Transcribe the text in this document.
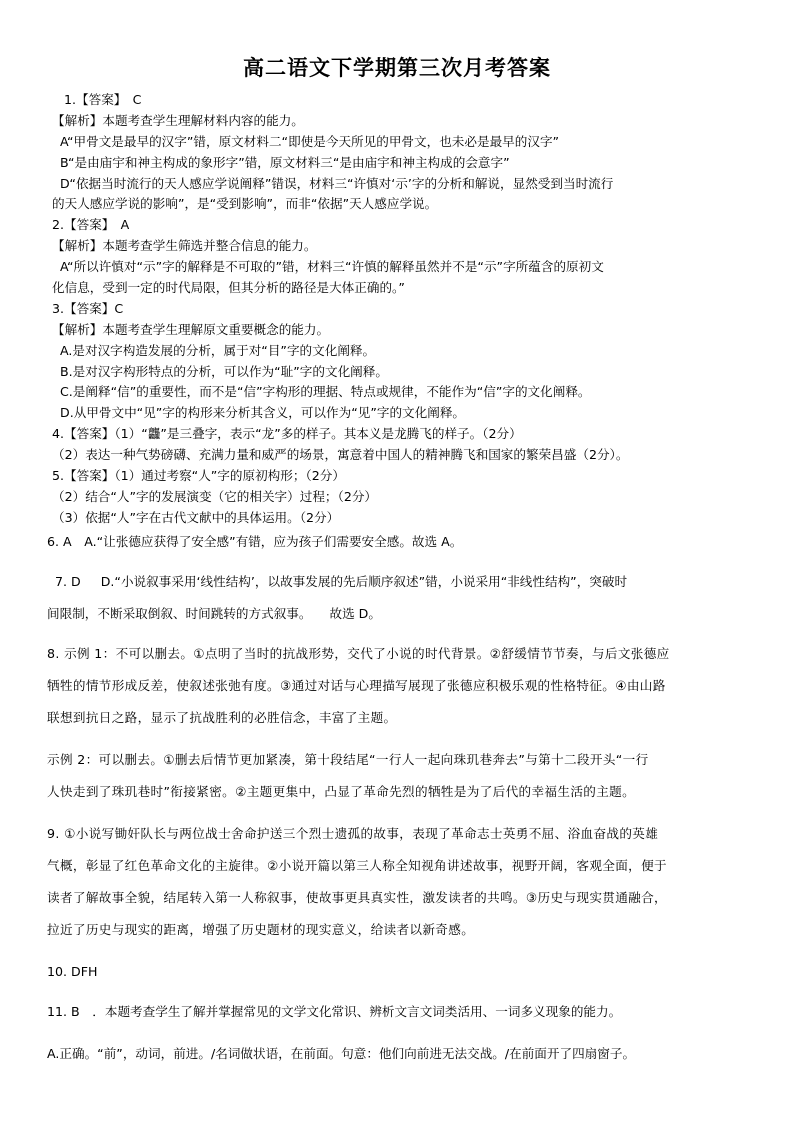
高二语文下学期第三次月考答案
1.【答案】　C
【解析】本题考查学生理解材料内容的能力。
A“甲骨文是最早的汉字”错，原文材料二“即使是今天所见的甲骨文，也未必是最早的汉字”
B“是由庙宇和神主构成的象形字”错，原文材料三“是由庙宇和神主构成的会意字”
D“依据当时流行的天人感应学说阐释”错误，材料三“许慎对‘示’字的分析和解说，显然受到当时流行
的天人感应学说的影响”，是“受到影响”，而非“依据”天人感应学说。
2.【答案】　A
【解析】本题考查学生筛选并整合信息的能力。
A“所以许慎对“示”字的解释是不可取的”错，材料三“许慎的解释虽然并不是“示”字所蕴含的原初文
化信息，受到一定的时代局限，但其分析的路径是大体正确的。”
3.【答案】C
【解析】本题考查学生理解原文重要概念的能力。
A.是对汉字构造发展的分析，属于对“目”字的文化阐释。
B.是对汉字构形特点的分析，可以作为“耻”字的文化阐释。
C.是阐释“信”的重要性，而不是“信”字构形的理据、特点或规律，不能作为“信”字的文化阐释。
D.从甲骨文中“见”字的构形来分析其含义，可以作为“见”字的文化阐释。
4.【答案】（1）“龘”是三叠字，表示“龙”多的样子。其本义是龙腾飞的样子。（2分）
（2）表达一种气势磅礴、充满力量和威严的场景，寓意着中国人的精神腾飞和国家的繁荣昌盛（2分）。
5.【答案】（1）通过考察“人”字的原初构形；（2分）
（2）结合“人”字的发展演变（它的相关字）过程；（2分）
（3）依据“人”字在古代文献中的具体运用。（2分）
6. A　A.“让张德应获得了安全感”有错，应为孩子们需要安全感。故选 A。
7. D D.“小说叙事采用‘线性结构’，以故事发展的先后顺序叙述”错，小说采用“非线性结构”，突破时
间限制，不断采取倒叙、时间跳转的方式叙事。 故选 D。
8. 示例 1：不可以删去。①点明了当时的抗战形势，交代了小说的时代背景。②舒缓情节节奏，与后文张德应
牺牲的情节形成反差，使叙述张弛有度。③通过对话与心理描写展现了张德应积极乐观的性格特征。④由山路
联想到抗日之路，显示了抗战胜利的必胜信念，丰富了主题。
示例 2：可以删去。①删去后情节更加紧凑，第十段结尾“一行人一起向珠玑巷奔去”与第十二段开头“一行
人快走到了珠玑巷时”衔接紧密。②主题更集中，凸显了革命先烈的牺牲是为了后代的幸福生活的主题。
9. ①小说写锄奸队长与两位战士舍命护送三个烈士遗孤的故事，表现了革命志士英勇不屈、浴血奋战的英雄
气概，彰显了红色革命文化的主旋律。②小说开篇以第三人称全知视角讲述故事，视野开阔，客观全面，便于
读者了解故事全貌，结尾转入第一人称叙事，使故事更具真实性，激发读者的共鸣。③历史与现实贯通融合，
拉近了历史与现实的距离，增强了历史题材的现实意义，给读者以新奇感。
10. DFH
11. B　．本题考查学生了解并掌握常见的文学文化常识、辨析文言文词类活用、一词多义现象的能力。
A.正确。“前”，动词，前进。/名词做状语，在前面。句意：他们向前进无法交战。/在前面开了四扇窗子。
